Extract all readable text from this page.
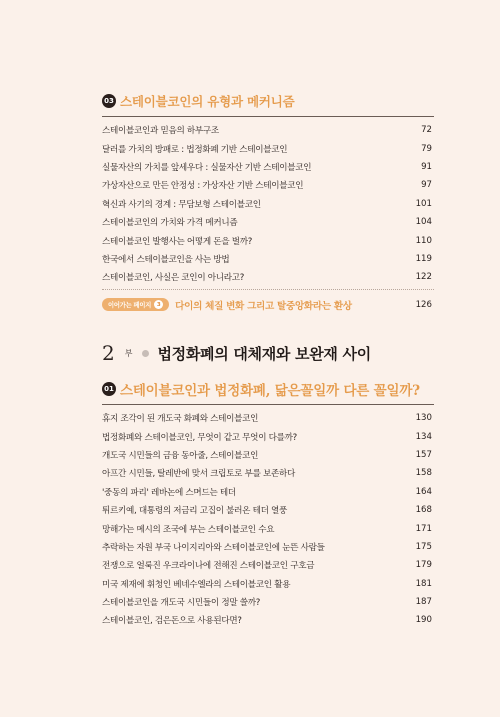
03 스테이블코인의 유형과 메커니즘
스테이블코인과 믿음의 하부구조	72
달러를 가치의 방패로 : 법정화폐 기반 스테이블코인	79
실물자산의 가치를 앞세우다 : 실물자산 기반 스테이블코인	91
가상자산으로 만든 안정성 : 가상자산 기반 스테이블코인	97
혁신과 사기의 경계 : 무담보형 스테이블코인	101
스테이블코인의 가치와 가격 메커니즘	104
스테이블코인 발행사는 어떻게 돈을 벌까?	110
한국에서 스테이블코인을 사는 방법	119
스테이블코인, 사실은 코인이 아니라고?	122
이어가는 페이지	3 다이의 체질 변화 그리고 탈중앙화라는 환상	126
2 부 법정화폐의 대체재와 보완재 사이
01 스테이블코인과 법정화폐, 닮은꼴일까 다른 꼴일까?
휴지 조각이 된 개도국 화폐와 스테이블코인	130
법정화폐와 스테이블코인, 무엇이 같고 무엇이 다를까?	134
개도국 시민들의 금융 동아줄, 스테이블코인	157
아프간 시민들, 탈레반에 맞서 크립토로 부를 보존하다	158
'중동의 파리' 레바논에 스며드는 테더	164
튀르키예, 대통령의 저금리 고집이 불러온 테더 열풍	168
망해가는 메시의 조국에 부는 스테이블코인 수요	171
추락하는 자원 부국 나이지리아와 스테이블코인에 눈뜬 사람들	175
전쟁으로 얼룩진 우크라이나에 전해진 스테이블코인 구호금	179
미국 제재에 휘청인 베네수엘라의 스테이블코인 활용	181
스테이블코인을 개도국 시민들이 정말 쓸까?	187
스테이블코인, 검은돈으로 사용된다면?	190
